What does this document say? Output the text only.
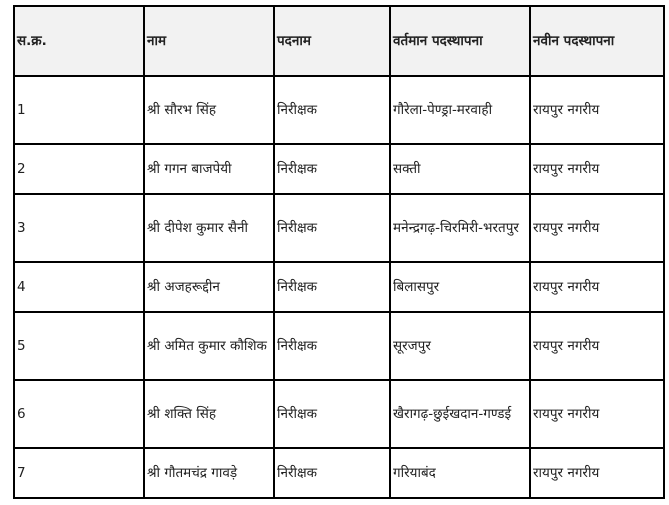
स.क्र.	नाम	पदनाम	वर्तमान पदस्थापना	नवीन पदस्थापना
1	श्री सौरभ सिंह	निरीक्षक	गौरेला-पेण्ड्रा-मरवाही	रायपुर नगरीय
2	श्री गगन बाजपेयी	निरीक्षक	सक्ती	रायपुर नगरीय
3	श्री दीपेश कुमार सैनी	निरीक्षक	मनेन्द्रगढ़-चिरमिरी-भरतपुर	रायपुर नगरीय
4	श्री अजहरूद्दीन	निरीक्षक	बिलासपुर	रायपुर नगरीय
5	श्री अमित कुमार कौशिक	निरीक्षक	सूरजपुर	रायपुर नगरीय
6	श्री शक्ति सिंह	निरीक्षक	खैरागढ़-छुईखदान-गण्डई	रायपुर नगरीय
7	श्री गौतमचंद्र गावड़े	निरीक्षक	गरियाबंद	रायपुर नगरीय
